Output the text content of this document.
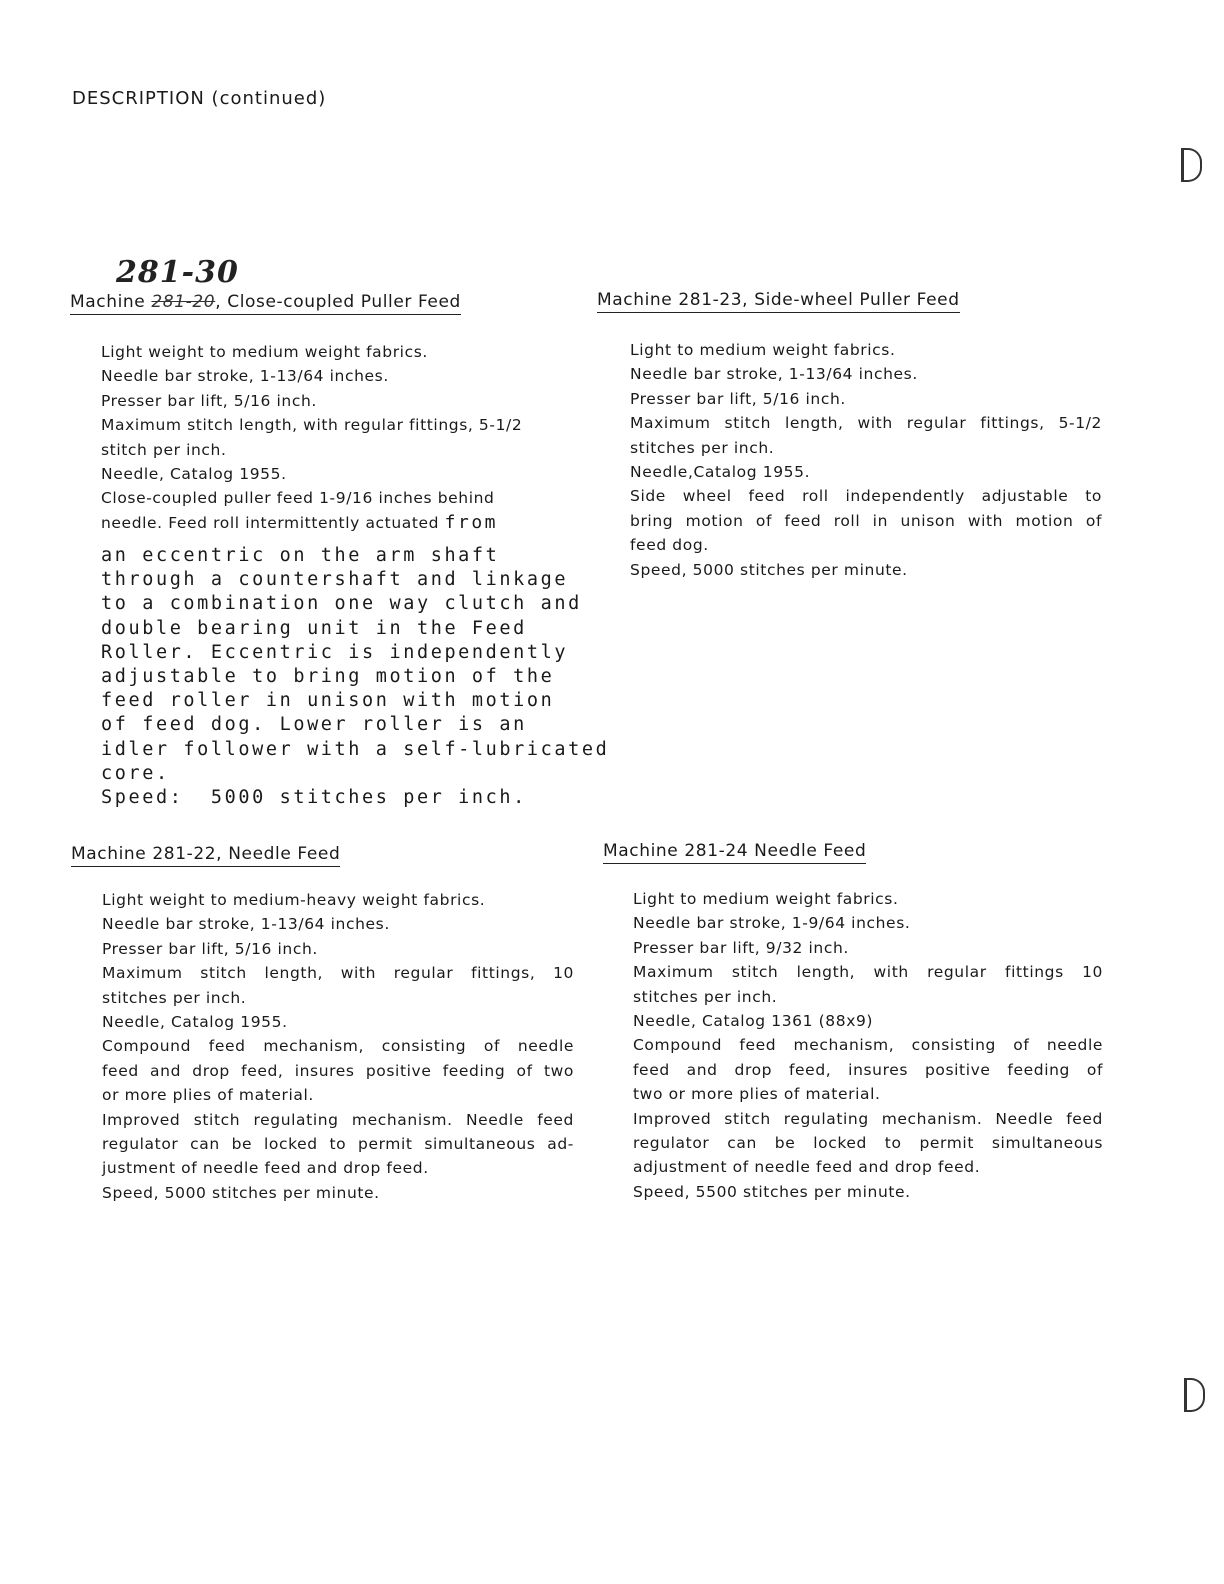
DESCRIPTION (continued)
281-30
Machine 281-20, Close-coupled Puller Feed
Light weight to medium weight fabrics.
Needle bar stroke, 1-13/64 inches.
Presser bar lift, 5/16 inch.
Maximum stitch length, with regular fittings, 5-1/2
stitch per inch.
Needle, Catalog 1955.
Close-coupled puller feed 1-9/16 inches behind
needle. Feed roll intermittently actuated from
an eccentric on the arm shaft
through a countershaft and linkage
to a combination one way clutch and
double bearing unit in the Feed
Roller. Eccentric is independently
adjustable to bring motion of the
feed roller in unison with motion
of feed dog. Lower roller is an
idler follower with a self-lubricated
core.
Speed:  5000 stitches per inch.
Machine 281-23, Side-wheel Puller Feed
Light to medium weight fabrics.
Needle bar stroke, 1-13/64 inches.
Presser bar lift, 5/16 inch.
Maximum stitch length, with regular fittings, 5-1/2
stitches per inch.
Needle,Catalog 1955.
Side wheel feed roll independently adjustable to
bring motion of feed roll in unison with motion of
feed dog.
Speed, 5000 stitches per minute.
Machine 281-22, Needle Feed
Light weight to medium-heavy weight fabrics.
Needle bar stroke, 1-13/64 inches.
Presser bar lift, 5/16 inch.
Maximum stitch length, with regular fittings, 10
stitches per inch.
Needle, Catalog 1955.
Compound feed mechanism, consisting of needle
feed and drop feed, insures positive feeding of two
or more plies of material.
Improved stitch regulating mechanism. Needle feed
regulator can be locked to permit simultaneous ad-
justment of needle feed and drop feed.
Speed, 5000 stitches per minute.
Machine 281-24 Needle Feed
Light to medium weight fabrics.
Needle bar stroke, 1-9/64 inches.
Presser bar lift, 9/32 inch.
Maximum stitch length, with regular fittings 10
stitches per inch.
Needle, Catalog 1361 (88x9)
Compound feed mechanism, consisting of needle
feed and drop feed, insures positive feeding of
two or more plies of material.
Improved stitch regulating mechanism. Needle feed
regulator can be locked to permit simultaneous
adjustment of needle feed and drop feed.
Speed, 5500 stitches per minute.
